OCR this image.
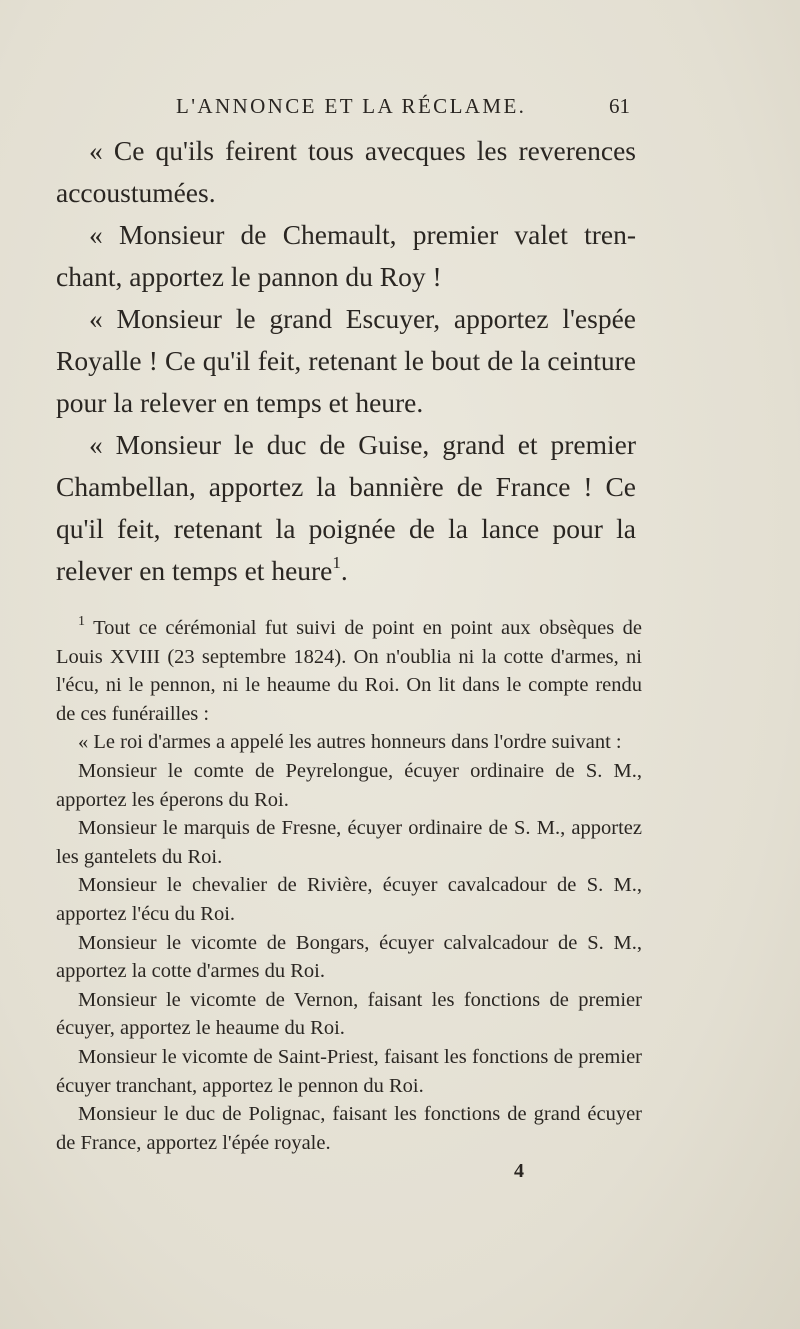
L'ANNONCE ET LA RÉCLAME.	61

« Ce qu'ils feirent tous avecques les reverences accoustumées.

« Monsieur de Chemault, premier valet trenchant, apportez le pannon du Roy !

« Monsieur le grand Escuyer, apportez l'espée Royalle ! Ce qu'il feit, retenant le bout de la ceinture pour la relever en temps et heure.

« Monsieur le duc de Guise, grand et premier Chambellan, apportez la bannière de France ! Ce qu'il feit, retenant la poignée de la lance pour la relever en temps et heure$^1$.

$^1$ Tout ce cérémonial fut suivi de point en point aux obsèques de Louis XVIII (23 septembre 1824). On n'oublia ni la cotte d'armes, ni l'écu, ni le pennon, ni le heaume du Roi. On lit dans le compte rendu de ces funérailles :

« Le roi d'armes a appelé les autres honneurs dans l'ordre suivant :

Monsieur le comte de Peyrelongue, écuyer ordinaire de S. M., apportez les éperons du Roi.

Monsieur le marquis de Fresne, écuyer ordinaire de S. M., apportez les gantelets du Roi.

Monsieur le chevalier de Rivière, écuyer cavalcadour de S. M., apportez l'écu du Roi.

Monsieur le vicomte de Bongars, écuyer calvalcadour de S. M., apportez la cotte d'armes du Roi.

Monsieur le vicomte de Vernon, faisant les fonctions de premier écuyer, apportez le heaume du Roi.

Monsieur le vicomte de Saint-Priest, faisant les fonctions de premier écuyer tranchant, apportez le pennon du Roi.

Monsieur le duc de Polignac, faisant les fonctions de grand écuyer de France, apportez l'épée royale.

4
